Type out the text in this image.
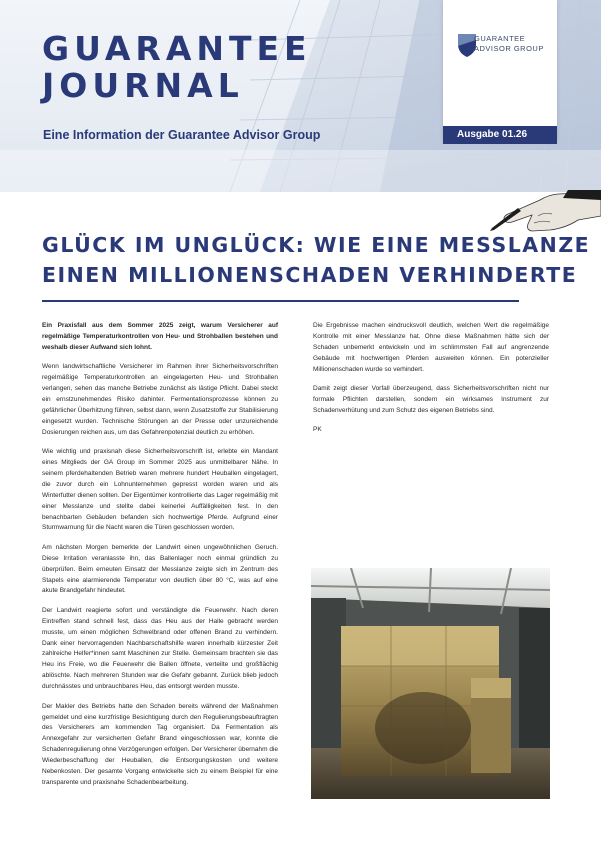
GUARANTEE
JOURNAL
Eine Information der Guarantee Advisor Group
GUARANTEE
ADVISOR GROUP
Ausgabe 01.26
GLÜCK IM UNGLÜCK: WIE EINE MESSLANZE
EINEN MILLIONENSCHADEN VERHINDERTE

Ein Praxisfall aus dem Sommer 2025 zeigt, warum Versicherer auf regelmäßige Temperaturkontrollen von Heu- und Strohballen bestehen und weshalb dieser Aufwand sich lohnt.

Wenn landwirtschaftliche Versicherer im Rahmen ihrer Sicherheitsvorschriften regelmäßige Temperaturkontrollen an eingelagerten Heu- und Strohballen verlangen, sehen das manche Betriebe zunächst als lästige Pflicht. Dabei steckt ein ernstzunehmendes Risiko dahinter. Fermentationsprozesse können zu gefährlicher Überhitzung führen, selbst dann, wenn Zusatzstoffe zur Stabilisierung eingesetzt wurden. Technische Störungen an der Presse oder unzureichende Dosierungen reichen aus, um das Gefahrenpotenzial deutlich zu erhöhen.

Wie wichtig und praxisnah diese Sicherheitsvorschrift ist, erlebte ein Mandant eines Mitglieds der GA Group im Sommer 2025 aus unmittelbarer Nähe. In seinem pferdehaltenden Betrieb waren mehrere hundert Heuballen eingelagert, die zuvor durch ein Lohnunternehmen gepresst worden waren und als Winterfutter dienen sollten. Der Eigentümer kontrollierte das Lager regelmäßig mit einer Messlanze und stellte dabei keinerlei Auffälligkeiten fest. In den benachbarten Gebäuden befanden sich hochwertige Pferde. Aufgrund einer Sturmwarnung für die Nacht waren die Türen geschlossen worden.

Am nächsten Morgen bemerkte der Landwirt einen ungewöhnlichen Geruch. Diese Irritation veranlasste ihn, das Ballenlager noch einmal gründlich zu überprüfen. Beim erneuten Einsatz der Messlanze zeigte sich im Zentrum des Stapels eine alarmierende Temperatur von deutlich über 80 °C, was auf eine akute Brandgefahr hindeutet.

Der Landwirt reagierte sofort und verständigte die Feuerwehr. Nach deren Eintreffen stand schnell fest, dass das Heu aus der Halle gebracht werden musste, um einen möglichen Schwelbrand oder offenen Brand zu verhindern. Dank einer hervorragenden Nachbarschaftshilfe waren innerhalb kürzester Zeit zahlreiche Helfer*innen samt Maschinen zur Stelle. Gemeinsam brachten sie das Heu ins Freie, wo die Feuerwehr die Ballen öffnete, verteilte und großflächig ablöschte. Nach mehreren Stunden war die Gefahr gebannt. Zurück blieb jedoch durchnässtes und unbrauchbares Heu, das entsorgt werden musste.

Der Makler des Betriebs hatte den Schaden bereits während der Maßnahmen gemeldet und eine kurzfristige Besichtigung durch den Regulierungsbeauftragten des Versicherers am kommenden Tag organisiert. Da Fermentation als Annexgefahr zur versicherten Gefahr Brand eingeschlossen war, konnte die Schadenregulierung ohne Verzögerungen erfolgen. Der Versicherer übernahm die Wiederbeschaffung der Heuballen, die Entsorgungskosten und weitere Nebenkosten. Der gesamte Vorgang entwickelte sich zu einem Beispiel für eine transparente und praxisnahe Schadenbearbeitung.

Die Ergebnisse machen eindrucksvoll deutlich, welchen Wert die regelmäßige Kontrolle mit einer Messlanze hat. Ohne diese Maßnahmen hätte sich der Schaden unbemerkt entwickeln und im schlimmsten Fall auf angrenzende Gebäude mit hochwertigen Pferden ausweiten können. Ein potenzieller Millionenschaden wurde so verhindert.

Damit zeigt dieser Vorfall überzeugend, dass Sicherheitsvorschriften nicht nur formale Pflichten darstellen, sondern ein wirksames Instrument zur Schadenverhütung und zum Schutz des eigenen Betriebs sind.

PK
